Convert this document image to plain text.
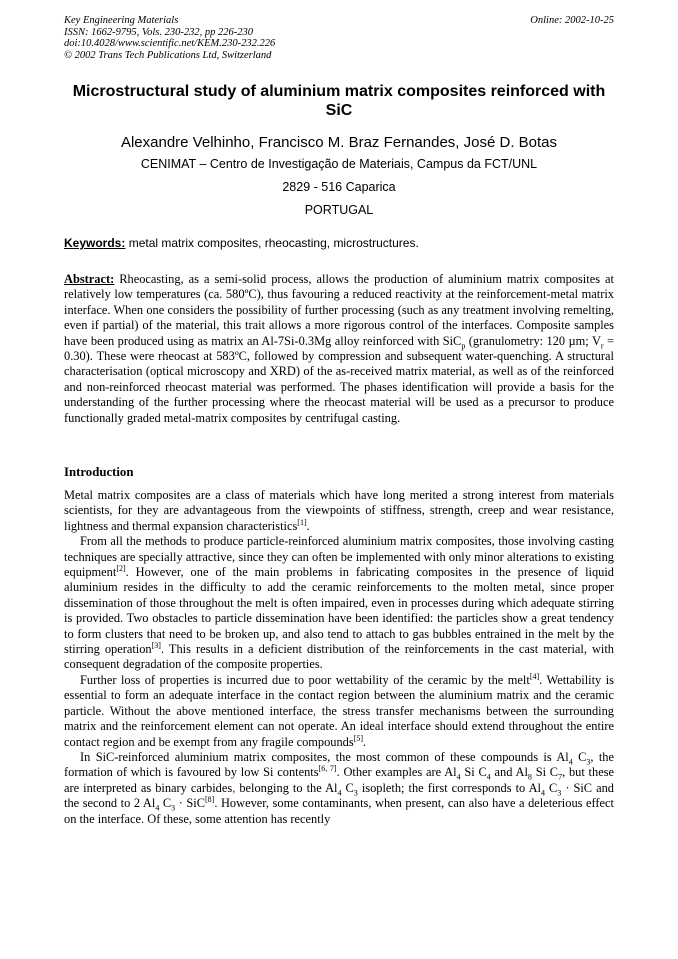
Key Engineering Materials
ISSN: 1662-9795, Vols. 230-232, pp 226-230
doi:10.4028/www.scientific.net/KEM.230-232.226
© 2002 Trans Tech Publications Ltd, Switzerland
Online: 2002-10-25
Microstructural study of aluminium matrix composites reinforced with SiC
Alexandre Velhinho, Francisco M. Braz Fernandes, José D. Botas
CENIMAT – Centro de Investigação de Materiais, Campus da FCT/UNL
2829 - 516 Caparica
PORTUGAL
Keywords: metal matrix composites, rheocasting, microstructures.

Abstract: Rheocasting, as a semi-solid process, allows the production of aluminium matrix composites at relatively low temperatures (ca. 580ºC), thus favouring a reduced reactivity at the reinforcement-metal matrix interface. When one considers the possibility of further processing (such as any treatment involving remelting, even if partial) of the material, this trait allows a more rigorous control of the interfaces. Composite samples have been produced using as matrix an Al-7Si-0.3Mg alloy reinforced with SiC$_p$ (granulometry: 120 µm; $V_r = 0.30$). These were rheocast at 583ºC, followed by compression and subsequent water-quenching. A structural characterisation (optical microscopy and XRD) of the as-received matrix material, as well as of the reinforced and non-reinforced rheocast material was performed. The phases identification will provide a basis for the understanding of the further processing where the rheocast material will be used as a precursor to produce functionally graded metal-matrix composites by centrifugal casting.

Introduction

Metal matrix composites are a class of materials which have long merited a strong interest from materials scientists, for they are advantageous from the viewpoints of stiffness, strength, creep and wear resistance, lightness and thermal expansion characteristics[1].

From all the methods to produce particle-reinforced aluminium matrix composites, those involving casting techniques are specially attractive, since they can often be implemented with only minor alterations to existing equipment[2]. However, one of the main problems in fabricating composites in the presence of liquid aluminium resides in the difficulty to add the ceramic reinforcements to the molten metal, since proper dissemination of those throughout the melt is often impaired, even in processes during which adequate stirring is provided. Two obstacles to particle dissemination have been identified: the particles show a great tendency to form clusters that need to be broken up, and also tend to attach to gas bubbles entrained in the melt by the stirring operation[3]. This results in a deficient distribution of the reinforcements in the cast material, with consequent degradation of the composite properties.

Further loss of properties is incurred due to poor wettability of the ceramic by the melt[4]. Wettability is essential to form an adequate interface in the contact region between the aluminium matrix and the ceramic particle. Without the above mentioned interface, the stress transfer mechanisms between the surrounding matrix and the reinforcement element can not operate. An ideal interface should extend throughout the entire contact region and be exempt from any fragile compounds[5].

In SiC-reinforced aluminium matrix composites, the most common of these compounds is $Al_4$ $C_3$, the formation of which is favoured by low Si contents[6, 7]. Other examples are $Al_4$ Si $C_4$ and $Al_8$ Si $C_7$, but these are interpreted as binary carbides, belonging to the $Al_4$ $C_3$ isopleth; the first corresponds to $Al_4$ $C_3$ · SiC and the second to 2 $Al_4$ $C_3 \cdot SiC[8]$. However, some contaminants, when present, can also have a deleterious effect on the interface. Of these, some attention has recently
